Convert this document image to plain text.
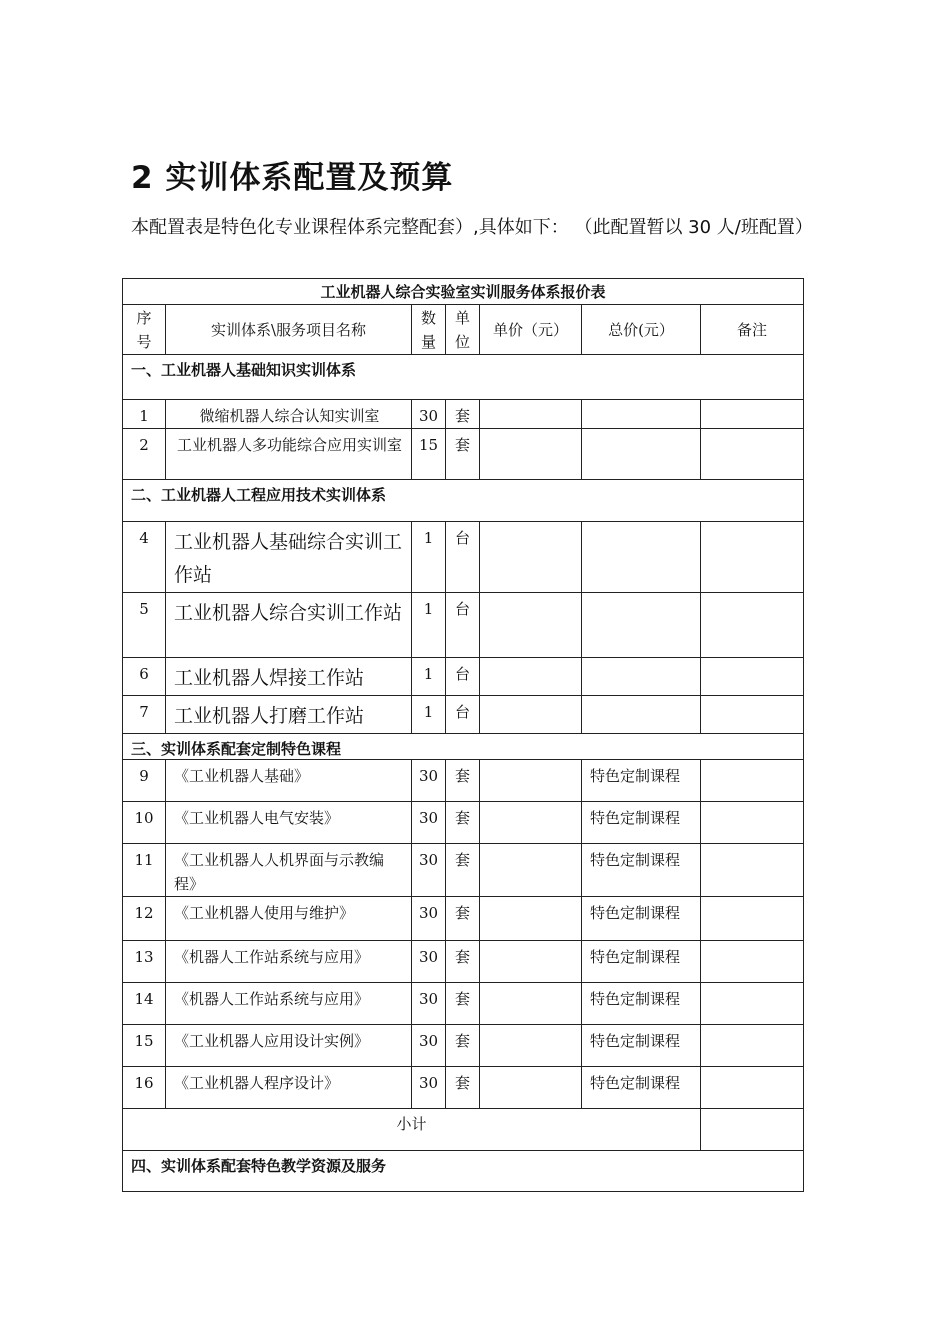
2 实训体系配置及预算

本配置表是特色化专业课程体系完整配套）,具体如下： （此配置暂以 30 人/班配置）

工业机器人综合实验室实训服务体系报价表						
序号	实训体系\服务项目名称	数量	单位	单价（元）	总价(元）	备注
一、工业机器人基础知识实训体系						
1	微缩机器人综合认知实训室	30	套			
2	工业机器人多功能综合应用实训室	15	套			
二、工业机器人工程应用技术实训体系						
4	工业机器人基础综合实训工作站	1	台			
5	工业机器人综合实训工作站	1	台			
6	工业机器人焊接工作站	1	台			
7	工业机器人打磨工作站	1	台			
三、实训体系配套定制特色课程						
9	《工业机器人基础》	30	套		特色定制课程	
10	《工业机器人电气安装》	30	套		特色定制课程	
11	《工业机器人人机界面与示教编程》	30	套		特色定制课程	
12	《工业机器人使用与维护》	30	套		特色定制课程	
13	《机器人工作站系统与应用》	30	套		特色定制课程	
14	《机器人工作站系统与应用》	30	套		特色定制课程	
15	《工业机器人应用设计实例》	30	套		特色定制课程	
16	《工业机器人程序设计》	30	套		特色定制课程	
小计						
四、实训体系配套特色教学资源及服务						
